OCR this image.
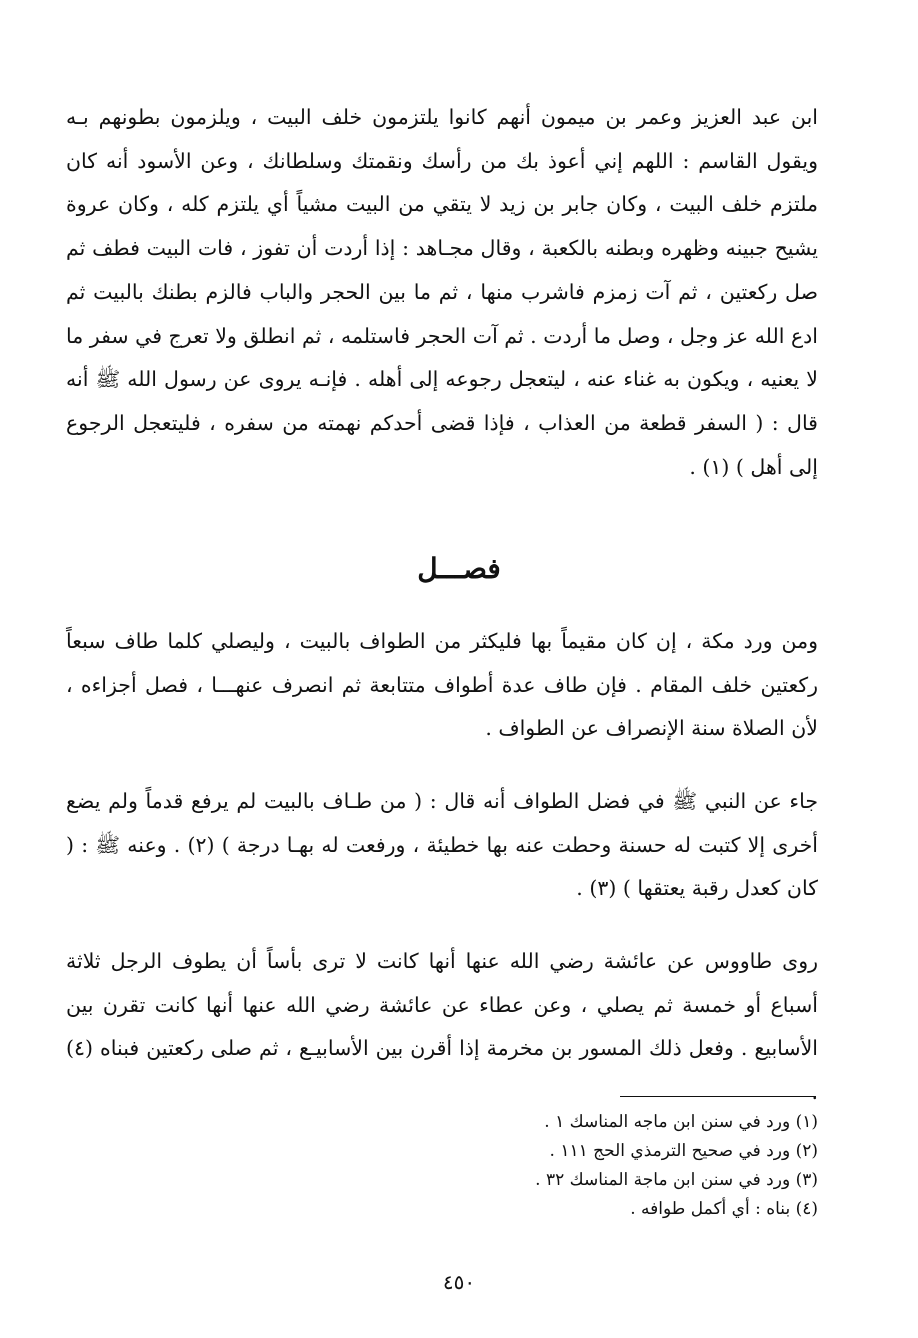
ابن عبد العزيز وعمر بن ميمون أنهم كانوا يلتزمون خلف البيت ، ويلزمون بطونهم بـه ويقول القاسم : اللهم إني أعوذ بك من رأسك ونقمتك وسلطانك ، وعن الأسود أنه كان ملتزم خلف البيت ، وكان جابر بن زيد لا يتقي من البيت مشياً أي يلتزم كله ، وكان عروة يشيح جبينه وظهره وبطنه بالكعبة ، وقال مجـاهد : إذا أردت أن تفوز ، فات البيت فطف ثم صل ركعتين ، ثم آت زمزم فاشرب منها ، ثم ما بين الحجر والباب فالزم بطنك بالبيت ثم ادع الله عز وجل ، وصل ما أردت . ثم آت الحجر فاستلمه ، ثم انطلق ولا تعرج في سفر ما لا يعنيه ، ويكون به غناء عنه ، ليتعجل رجوعه إلى أهله . فإنـه يروى عن رسول الله ﷺ أنه قال : ( السفر قطعة من العذاب ، فإذا قضى أحدكم نهمته من سفره ، فليتعجل الرجوع إلى أهل ) (١) .

فصـــل

ومن ورد مكة ، إن كان مقيماً بها فليكثر من الطواف بالبيت ، وليصلي كلما طاف سبعاً ركعتين خلف المقام . فإن طاف عدة أطواف متتابعة ثم انصرف عنهـــا ، فصل أجزاءه ، لأن الصلاة سنة الإنصراف عن الطواف .

جاء عن النبي ﷺ في فضل الطواف أنه قال : ( من طـاف بالبيت لم يرفع قدماً ولم يضع أخرى إلا كتبت له حسنة وحطت عنه بها خطيئة ، ورفعت له بهـا درجة ) (٢) . وعنه ﷺ : ( كان كعدل رقبة يعتقها ) (٣) .

روى طاووس عن عائشة رضي الله عنها أنها كانت لا ترى بأساً أن يطوف الرجل ثلاثة أسباع أو خمسة ثم يصلي ، وعن عطاء عن عائشة رضي الله عنها أنها كانت تقرن بين الأسابيع . وفعل ذلك المسور بن مخرمة إذا أقرن بين الأسابيـع ، ثم صلى ركعتين فبناه (٤) .

(١) ورد في سنن ابن ماجه المناسك ١ .
(٢) ورد في صحيح الترمذي الحج ١١١ .
(٣) ورد في سنن ابن ماجة المناسك ٣٢ .
(٤) بناه : أي أكمل طوافه .

٤٥٠
